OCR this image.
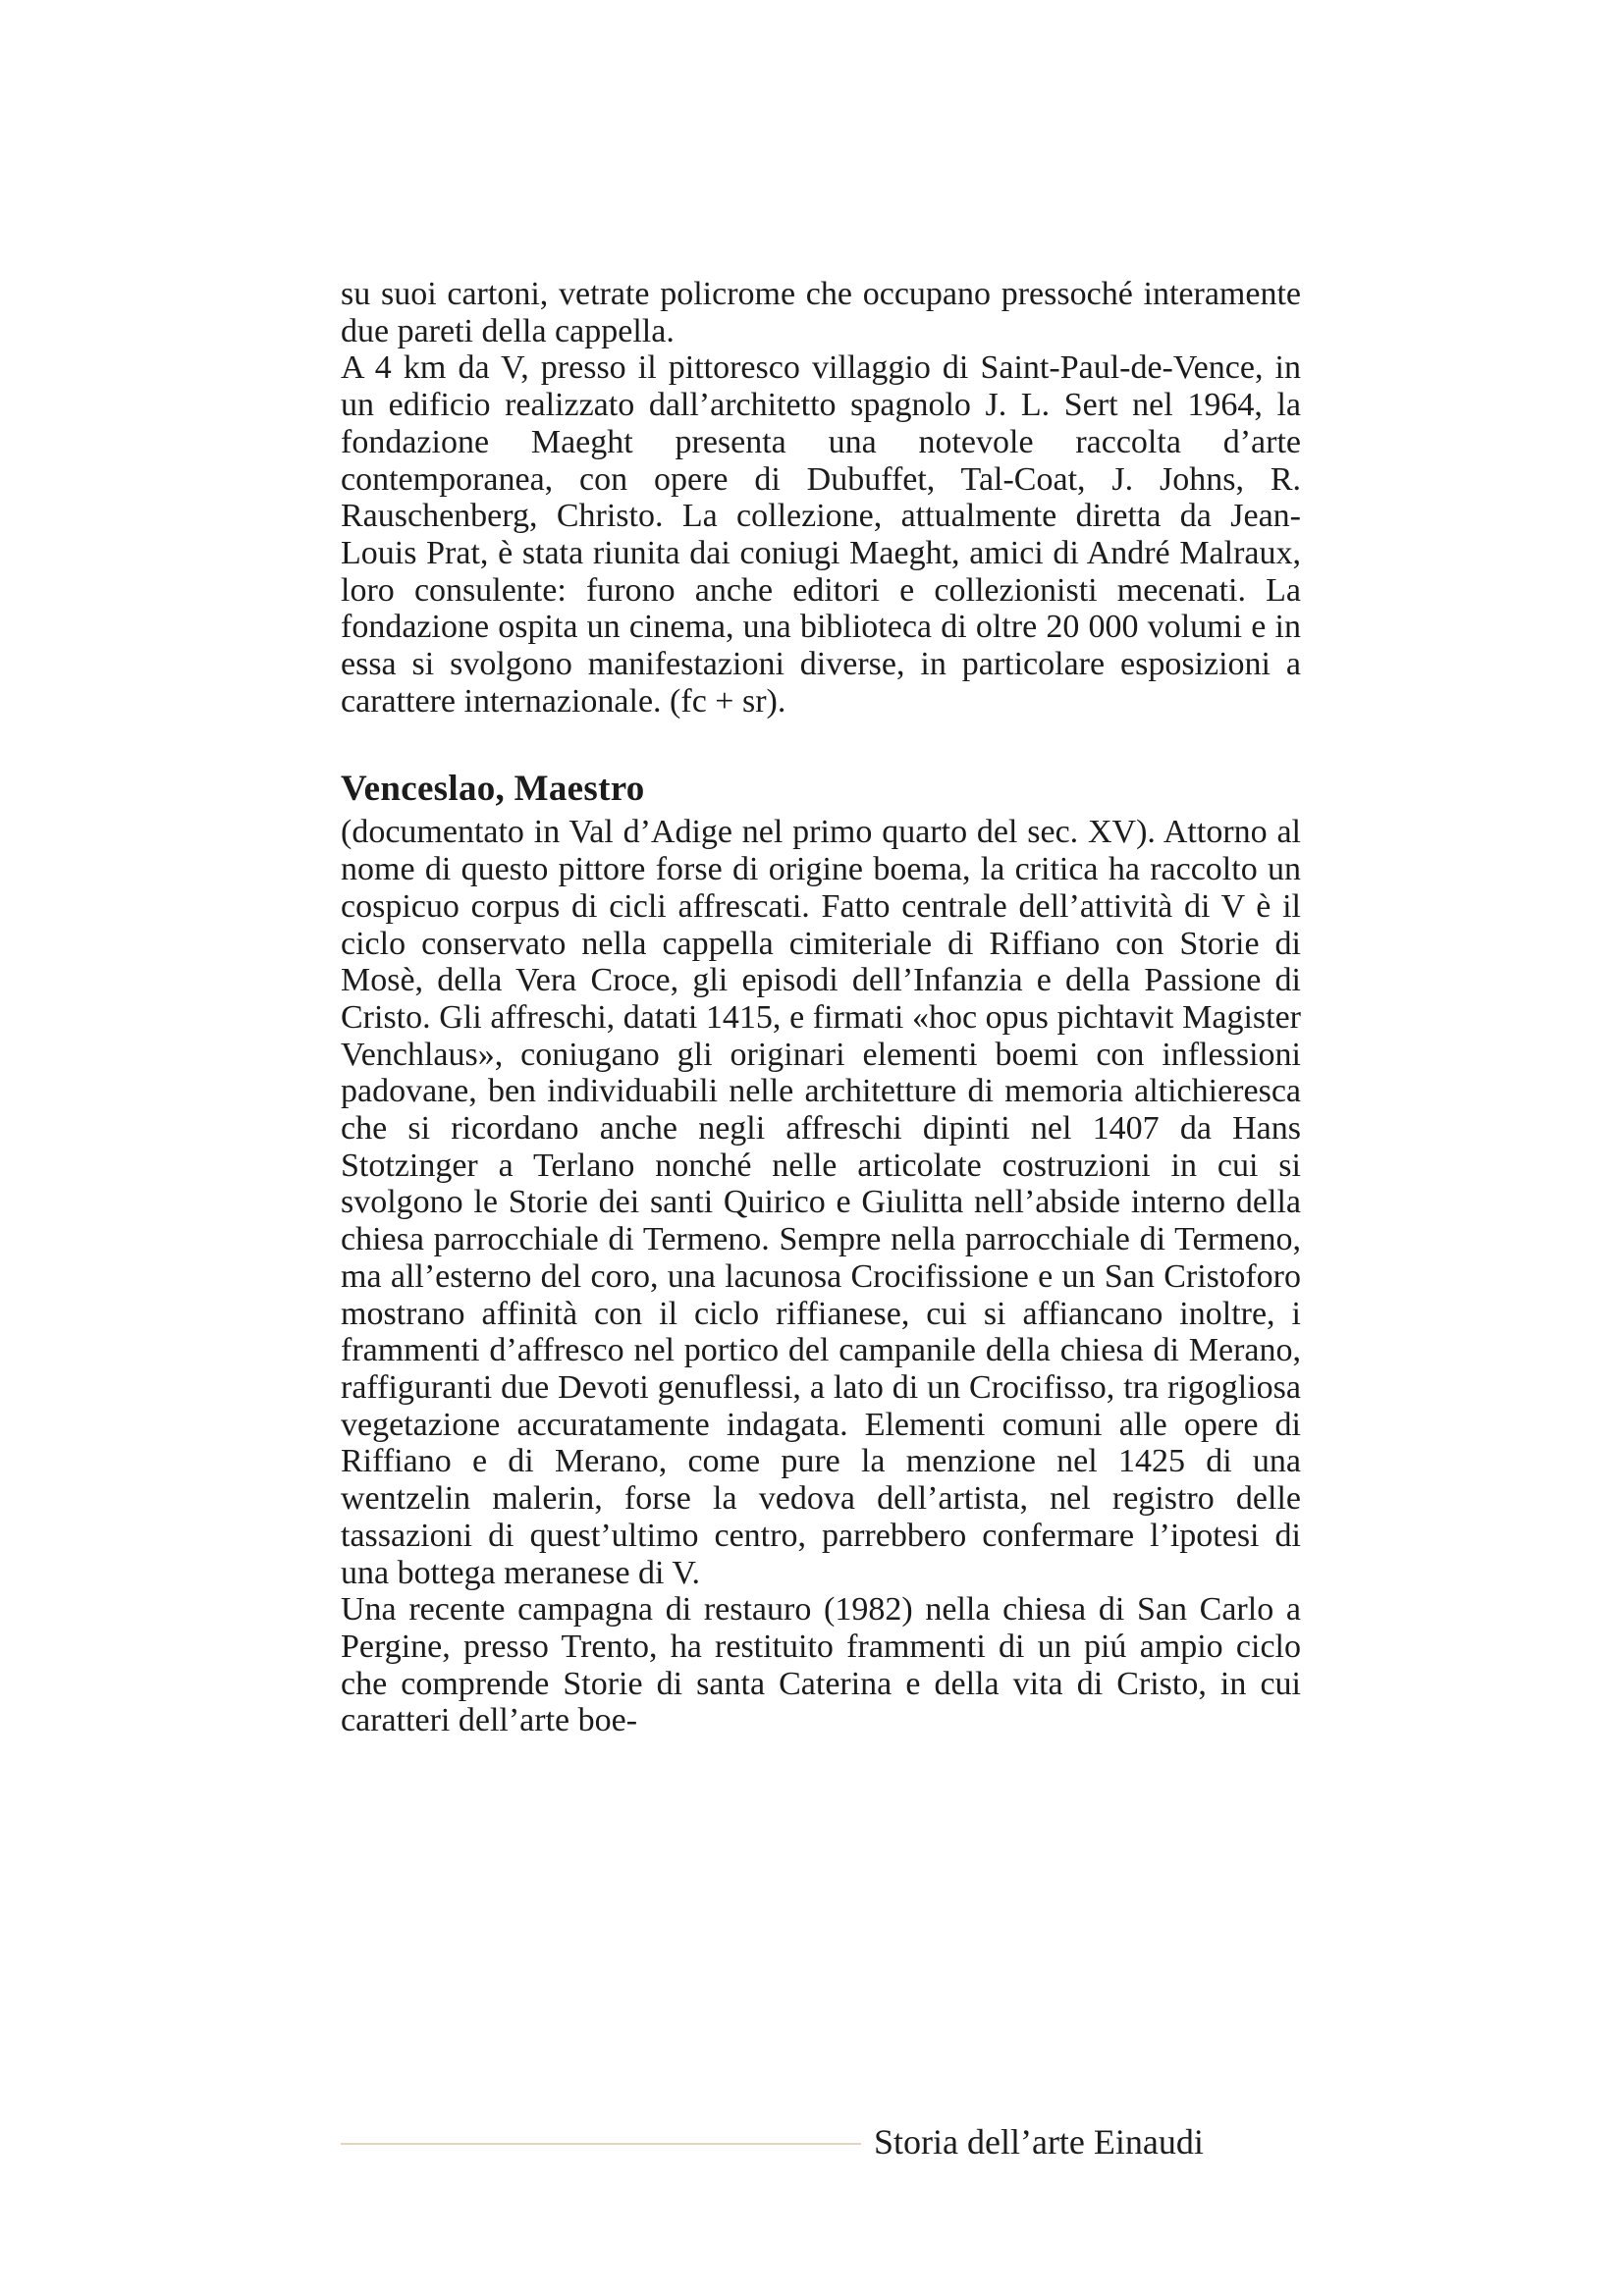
su suoi cartoni, vetrate policrome che occupano pressoché interamente due pareti della cappella.

A 4 km da V, presso il pittoresco villaggio di Saint-Paul-de-Vence, in un edificio realizzato dall’architetto spagnolo J. L. Sert nel 1964, la fondazione Maeght presenta una notevole raccolta d’arte contemporanea, con opere di Dubuffet, Tal-Coat, J. Johns, R. Rauschenberg, Christo. La collezione, attualmente diretta da Jean-Louis Prat, è stata riunita dai coniugi Maeght, amici di André Malraux, loro consulente: furono anche editori e collezionisti mecenati. La fondazione ospita un cinema, una biblioteca di oltre 20 000 volumi e in essa si svolgono manifestazioni diverse, in particolare esposizioni a carattere internazionale. (fc + sr).

Venceslao, Maestro

(documentato in Val d’Adige nel primo quarto del sec. XV). Attorno al nome di questo pittore forse di origine boema, la critica ha raccolto un cospicuo corpus di cicli affrescati. Fatto centrale dell’attività di V è il ciclo conservato nella cappella cimiteriale di Riffiano con Storie di Mosè, della Vera Croce, gli episodi dell’Infanzia e della Passione di Cristo. Gli affreschi, datati 1415, e firmati «hoc opus pichtavit Magister Venchlaus», coniugano gli originari elementi boemi con inflessioni padovane, ben individuabili nelle architetture di memoria altichieresca che si ricordano anche negli affreschi dipinti nel 1407 da Hans Stotzinger a Terlano nonché nelle articolate costruzioni in cui si svolgono le Storie dei santi Quirico e Giulitta nell’abside interno della chiesa parrocchiale di Termeno. Sempre nella parrocchiale di Termeno, ma all’esterno del coro, una lacunosa Crocifissione e un San Cristoforo mostrano affinità con il ciclo riffianese, cui si affiancano inoltre, i frammenti d’affresco nel portico del campanile della chiesa di Merano, raffiguranti due Devoti genuflessi, a lato di un Crocifisso, tra rigogliosa vegetazione accuratamente indagata. Elementi comuni alle opere di Riffiano e di Merano, come pure la menzione nel 1425 di una wentzelin malerin, forse la vedova dell’artista, nel registro delle tassazioni di quest’ultimo centro, parrebbero confermare l’ipotesi di una bottega meranese di V.

Una recente campagna di restauro (1982) nella chiesa di San Carlo a Pergine, presso Trento, ha restituito frammenti di un piú ampio ciclo che comprende Storie di santa Caterina e della vita di Cristo, in cui caratteri dell’arte boe-

Storia dell’arte Einaudi
